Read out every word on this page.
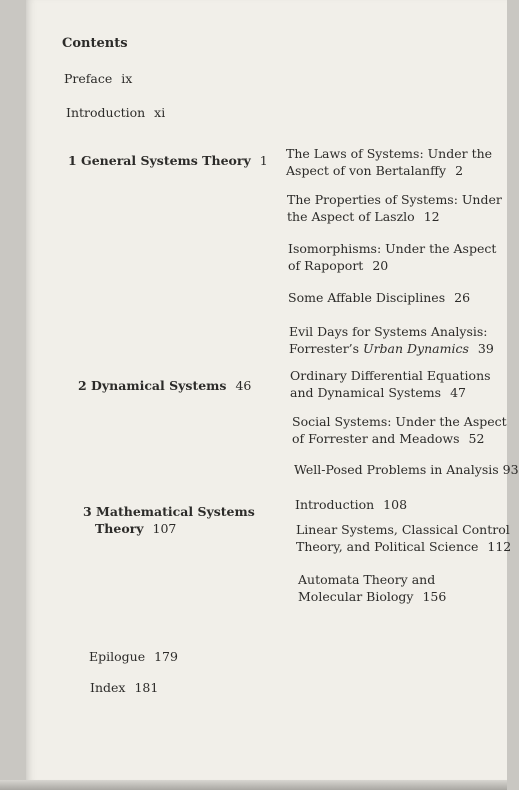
Contents
Preface ix
Introduction xi
1 General Systems Theory 1 The Laws of Systems: Under the
Aspect of von Bertalanffy 2
The Properties of Systems: Under
the Aspect of Laszlo 12
Isomorphisms: Under the Aspect
of Rapoport 20
Some Affable Disciplines 26
Evil Days for Systems Analysis:
Forrester’s Urban Dynamics 39
2 Dynamical Systems 46
Ordinary Differential Equations
and Dynamical Systems 47
Social Systems: Under the Aspect
of Forrester and Meadows 52
Well-Posed Problems in Analysis 93
3 Mathematical Systems
Theory 107
Introduction 108
Linear Systems, Classical Control
Theory, and Political Science 112
Automata Theory and
Molecular Biology 156
Epilogue 179
Index 181
